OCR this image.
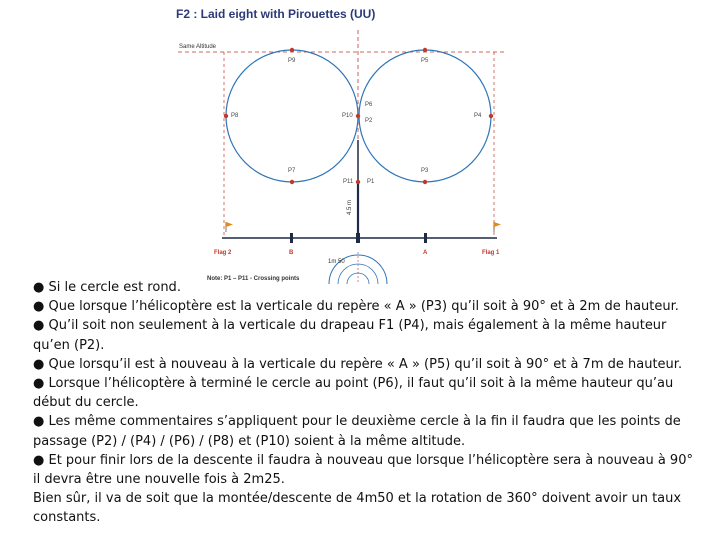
F2 : Laid eight with Pirouettes (UU)
Same Altitude
4.5 m
Flag 2	B	A	Flag 1
1m 50
Note: P1 – P11 - Crossing points
P9	P5
P8	P4
P10
P6
P2
P7	P3
P11 P1

● Si le cercle est rond.

● Que lorsque l’hélicoptère est la verticale du repère « A » (P3) qu’il soit à 90° et à 2m de hauteur.

● Qu’il soit non seulement à la verticale du drapeau F1 (P4), mais également à la même hauteur qu’en (P2).

● Que lorsqu’il est à nouveau à la verticale du repère « A » (P5) qu’il soit à 90° et à 7m de hauteur.

● Lorsque l’hélicoptère à terminé le cercle au point (P6), il faut qu’il soit à la même hauteur qu’au début du cercle.

● Les même commentaires s’appliquent pour le deuxième cercle à la fin il faudra que les points de passage (P2) / (P4) / (P6) / (P8) et (P10) soient à la même altitude.

● Et pour finir lors de la descente il faudra à nouveau que lorsque l’hélicoptère sera à nouveau à 90° il devra être une nouvelle fois à 2m25.

Bien sûr, il va de soit que la montée/descente de 4m50 et la rotation de 360° doivent avoir un taux constants.
